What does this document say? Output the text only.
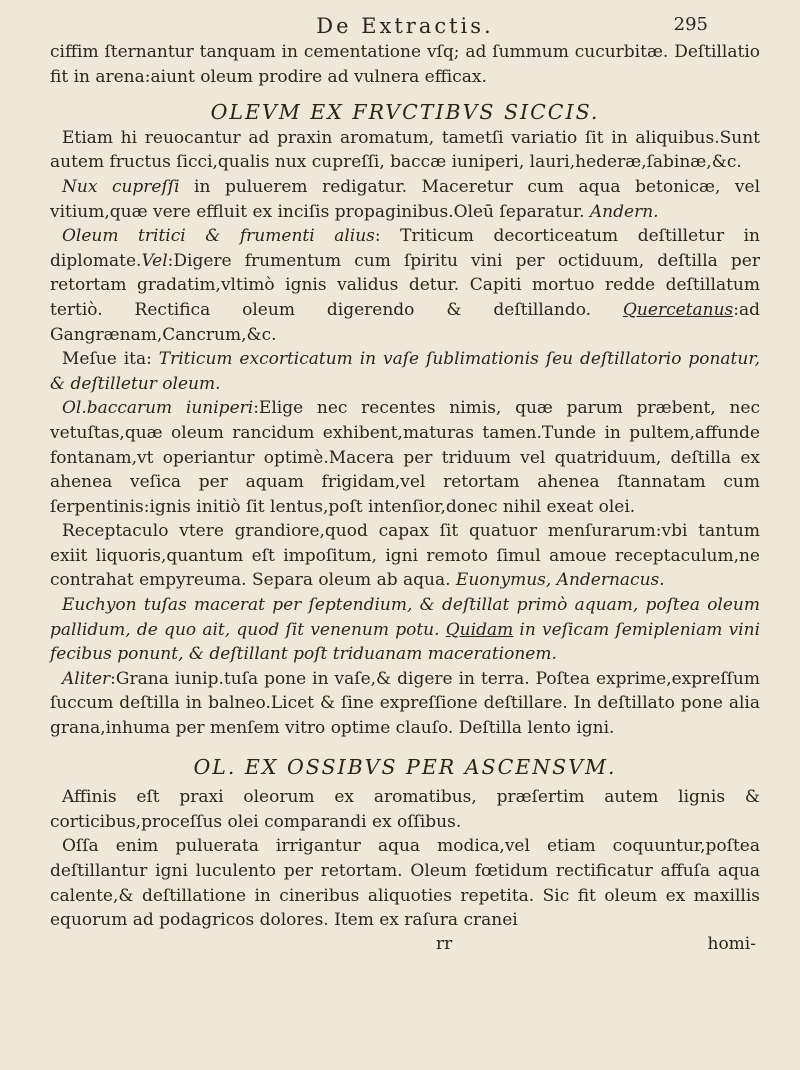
De Extractis.	295

ciffim ſternantur tanquam in cementatione vſq; ad ſummum cucurbitæ. Deſtillatio fit in arena:aiunt oleum prodire ad vulnera efficax.

OLEVM EX FRVCTIBVS SICCIS.

Etiam hi reuocantur ad praxin aromatum, tametſi variatio ſit in aliquibus.Sunt autem fructus ſicci,qualis nux cupreſſi, baccæ iuniperi, lauri,hederæ,ſabinæ,&c.

Nux cupreſſi in puluerem redigatur. Maceretur cum aqua betonicæ, vel vitium,quæ vere effluit ex inciſis propaginibus.Oleū ſeparatur. Andern.

Oleum tritici & frumenti alius: Triticum decorticeatum deſtilletur in diplomate.Vel:Digere frumentum cum ſpiritu vini per octiduum, deſtilla per retortam gradatim,vltimò ignis validus detur. Capiti mortuo redde deſtillatum tertiò. Rectifica oleum digerendo & deſtillando. Quercetanus:ad Gangrænam,Cancrum,&c.

Meſue ita: Triticum excorticatum in vaſe ſublimationis ſeu deſtillatorio ponatur, & deſtilletur oleum.

Ol.baccarum iuniperi:Elige nec recentes nimis, quæ parum præbent, nec vetuſtas,quæ oleum rancidum exhibent,maturas tamen.Tunde in pultem,affunde fontanam,vt operiantur optimè.Macera per triduum vel quatriduum, deſtilla ex ahenea veſica per aquam frigidam,vel retortam ahenea ſtannatam cum ſerpentinis:ignis initiò ſit lentus,poſt intenſior,donec nihil exeat olei.

Receptaculo vtere grandiore,quod capax ſit quatuor menſurarum:vbi tantum exiit liquoris,quantum eſt impoſitum, igni remoto ſimul amoue receptaculum,ne contrahat empyreuma. Separa oleum ab aqua. Euonymus, Andernacus.

Euchyon tuſas macerat per ſeptendium, & deſtillat primò aquam, poſtea oleum pallidum, de quo ait, quod ſit venenum potu. Quidam in veſicam ſemipleniam vini fecibus ponunt, & deſtillant poſt triduanam macerationem.

Aliter:Grana iunip.tuſa pone in vaſe,& digere in terra. Poſtea exprime,expreſſum ſuccum deſtilla in balneo.Licet & ſine expreſſione deſtillare. In deſtillato pone alia grana,inhuma per menſem vitro optime clauſo. Deſtilla lento igni.

OL. EX OSSIBVS PER ASCENSVM.

Affinis eſt praxi oleorum ex aromatibus, præſertim autem lignis & corticibus,proceſſus olei comparandi ex oſſibus.

Oſſa enim puluerata irrigantur aqua modica,vel etiam coquuntur,poſtea deſtillantur igni luculento per retortam. Oleum fœtidum rectificatur affuſa aqua calente,& deſtillatione in cineribus aliquoties repetita. Sic fit oleum ex maxillis equorum ad podagricos dolores. Item ex raſura cranei

rr	homi-
